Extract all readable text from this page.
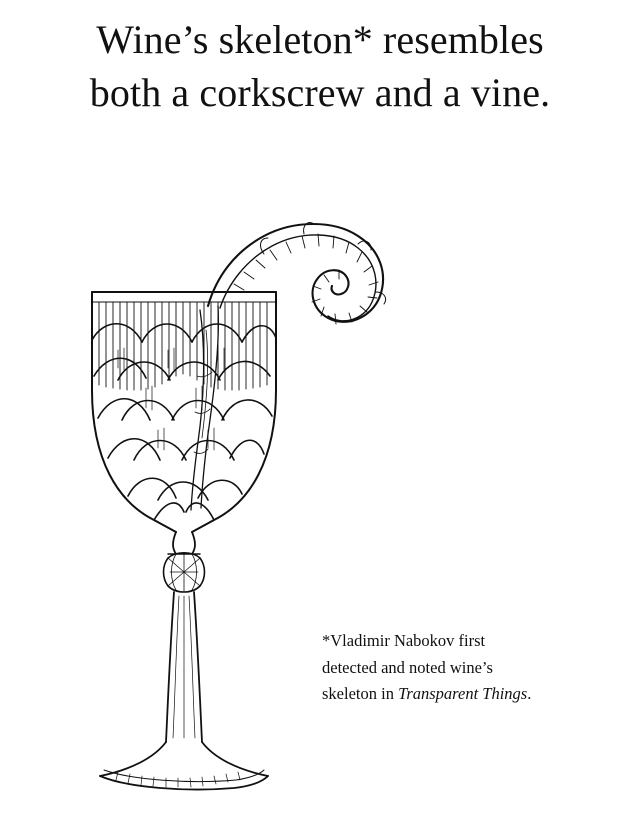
Wine’s skeleton* resembles
both a corkscrew and a vine.
*Vladimir Nabokov first
detected and noted wine’s
skeleton in Transparent Things.
